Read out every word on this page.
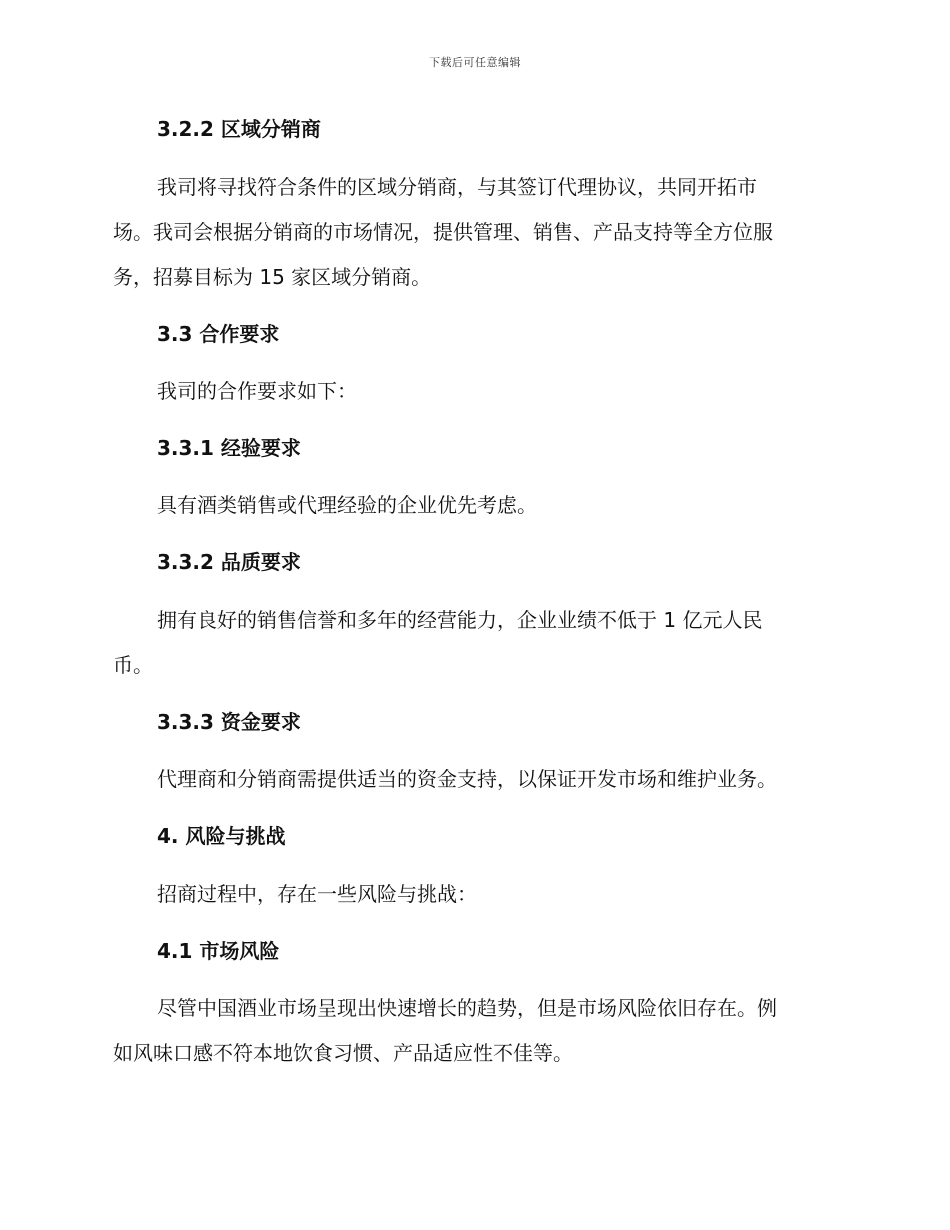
下载后可任意编辑
3.2.2 区域分销商
我司将寻找符合条件的区域分销商，与其签订代理协议，共同开拓市
场。我司会根据分销商的市场情况，提供管理、销售、产品支持等全方位服
务，招募目标为 15 家区域分销商。
3.3 合作要求
我司的合作要求如下：
3.3.1 经验要求
具有酒类销售或代理经验的企业优先考虑。
3.3.2 品质要求
拥有良好的销售信誉和多年的经营能力，企业业绩不低于 1 亿元人民
币。
3.3.3 资金要求
代理商和分销商需提供适当的资金支持，以保证开发市场和维护业务。
4. 风险与挑战
招商过程中，存在一些风险与挑战：
4.1 市场风险
尽管中国酒业市场呈现出快速增长的趋势，但是市场风险依旧存在。例
如风味口感不符本地饮食习惯、产品适应性不佳等。
